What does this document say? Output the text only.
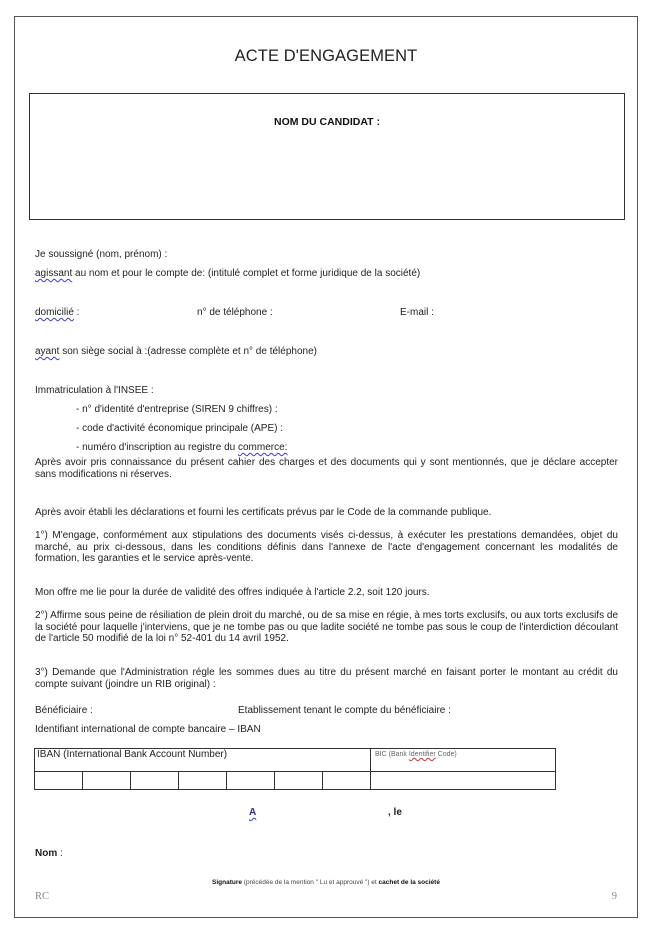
ACTE D'ENGAGEMENT
NOM DU CANDIDAT :
Je soussigné (nom, prénom) :
agissant au nom et pour le compte de: (intitulé complet et forme juridique de la société)
domicilié :	n° de téléphone :	E-mail :
ayant son siège social à :(adresse complète et n° de téléphone)
Immatriculation à l'INSEE :
- n° d'identité d'entreprise (SIREN 9 chiffres) :
- code d'activité économique principale (APE) :
- numéro d'inscription au registre du commerce:
Après avoir pris connaissance du présent cahier des charges et des documents qui y sont mentionnés, que je déclare accepter sans modifications ni réserves.
Après avoir établi les déclarations et fourni les certificats prévus par le Code de la commande publique.
1°) M'engage, conformément aux stipulations des documents visés ci-dessus, à exécuter les prestations demandées, objet du marché, au prix ci-dessous, dans les conditions définis dans l'annexe de l'acte d'engagement concernant les modalités de formation, les garanties et le service après-vente.
Mon offre me lie pour la durée de validité des offres indiquée à l'article 2.2, soit 120 jours.
2°) Affirme sous peine de résiliation de plein droit du marché, ou de sa mise en régie, à mes torts exclusifs, ou aux torts exclusifs de la société pour laquelle j'interviens, que je ne tombe pas ou que ladite société ne tombe pas sous le coup de l'interdiction découlant de l'article 50 modifié de la loi n° 52-401 du 14 avril 1952.
3°) Demande que l'Administration régle les sommes dues au titre du présent marché en faisant porter le montant au crédit du compte suivant (joindre un RIB original) :
Bénéficiaire :	Etablissement tenant le compte du bénéficiaire :
Identifiant international de compte bancaire – IBAN
IBAN (International Bank Account Number)							BIC (Bank Identifier Code)

A	, le
Nom :
Signature (précédée de la mention " Lu et approuvé ") et cachet de la société
RC	9
